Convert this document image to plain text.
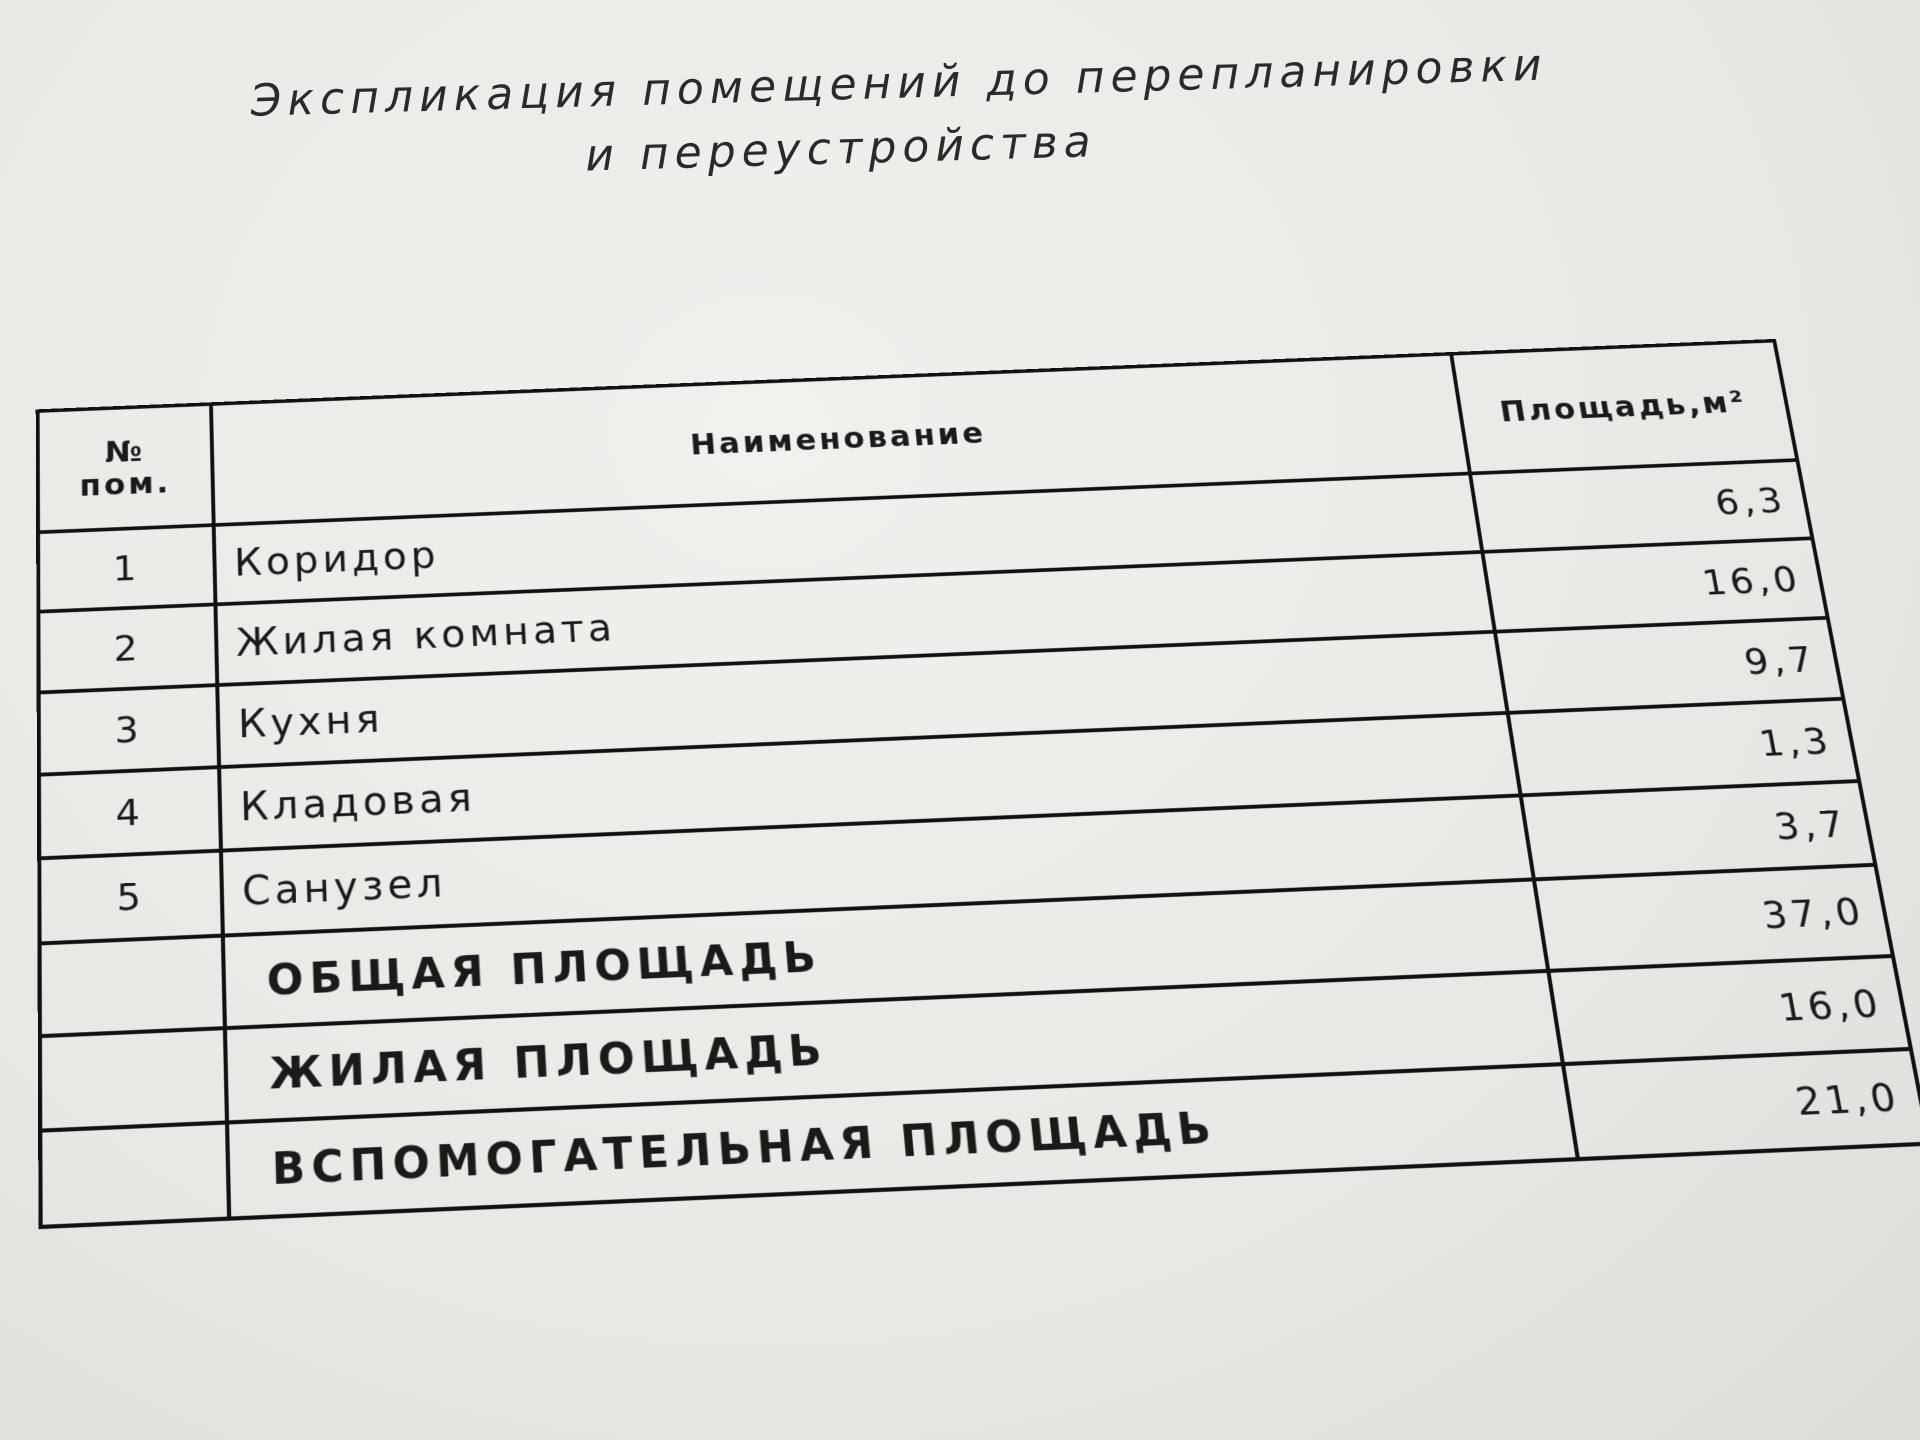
Экспликация помещений до перепланировки
и переустройства
№ пом.	Наименование	Площадь,м²
1	Коридор	6,3
2	Жилая комната	16,0
3	Кухня	9,7
4	Кладовая	1,3
5	Санузел	3,7
	ОБЩАЯ ПЛОЩАДЬ	37,0
	ЖИЛАЯ ПЛОЩАДЬ	16,0
	ВСПОМОГАТЕЛЬНАЯ ПЛОЩАДЬ	21,0
